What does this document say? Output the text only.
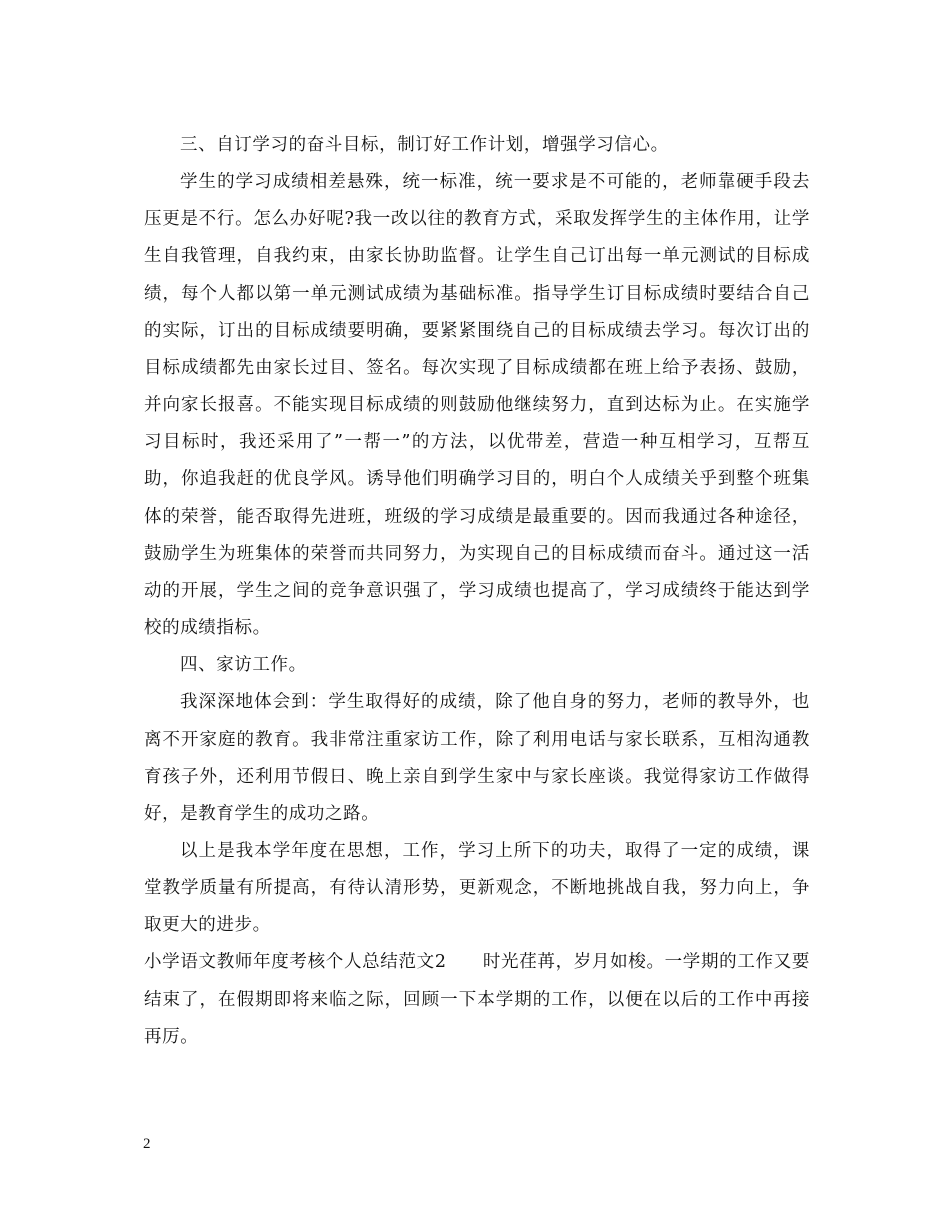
三、自订学习的奋斗目标，制订好工作计划，增强学习信心。

学生的学习成绩相差悬殊，统一标准，统一要求是不可能的，老师靠硬手段去压更是不行。怎么办好呢?我一改以往的教育方式，采取发挥学生的主体作用，让学生自我管理，自我约束，由家长协助监督。让学生自己订出每一单元测试的目标成绩，每个人都以第一单元测试成绩为基础标准。指导学生订目标成绩时要结合自己的实际，订出的目标成绩要明确，要紧紧围绕自己的目标成绩去学习。每次订出的目标成绩都先由家长过目、签名。每次实现了目标成绩都在班上给予表扬、鼓励，并向家长报喜。不能实现目标成绩的则鼓励他继续努力，直到达标为止。在实施学习目标时，我还采用了”一帮一”的方法，以优带差，营造一种互相学习，互帮互助，你追我赶的优良学风。诱导他们明确学习目的，明白个人成绩关乎到整个班集体的荣誉，能否取得先进班，班级的学习成绩是最重要的。因而我通过各种途径，鼓励学生为班集体的荣誉而共同努力，为实现自己的目标成绩而奋斗。通过这一活动的开展，学生之间的竞争意识强了，学习成绩也提高了，学习成绩终于能达到学校的成绩指标。

四、家访工作。

我深深地体会到：学生取得好的成绩，除了他自身的努力，老师的教导外，也离不开家庭的教育。我非常注重家访工作，除了利用电话与家长联系，互相沟通教育孩子外，还利用节假日、晚上亲自到学生家中与家长座谈。我觉得家访工作做得好，是教育学生的成功之路。

以上是我本学年度在思想，工作，学习上所下的功夫，取得了一定的成绩，课堂教学质量有所提高，有待认清形势，更新观念，不断地挑战自我，努力向上，争取更大的进步。

小学语文教师年度考核个人总结范文2   时光荏苒，岁月如梭。一学期的工作又要结束了，在假期即将来临之际，回顾一下本学期的工作，以便在以后的工作中再接再厉。

2
